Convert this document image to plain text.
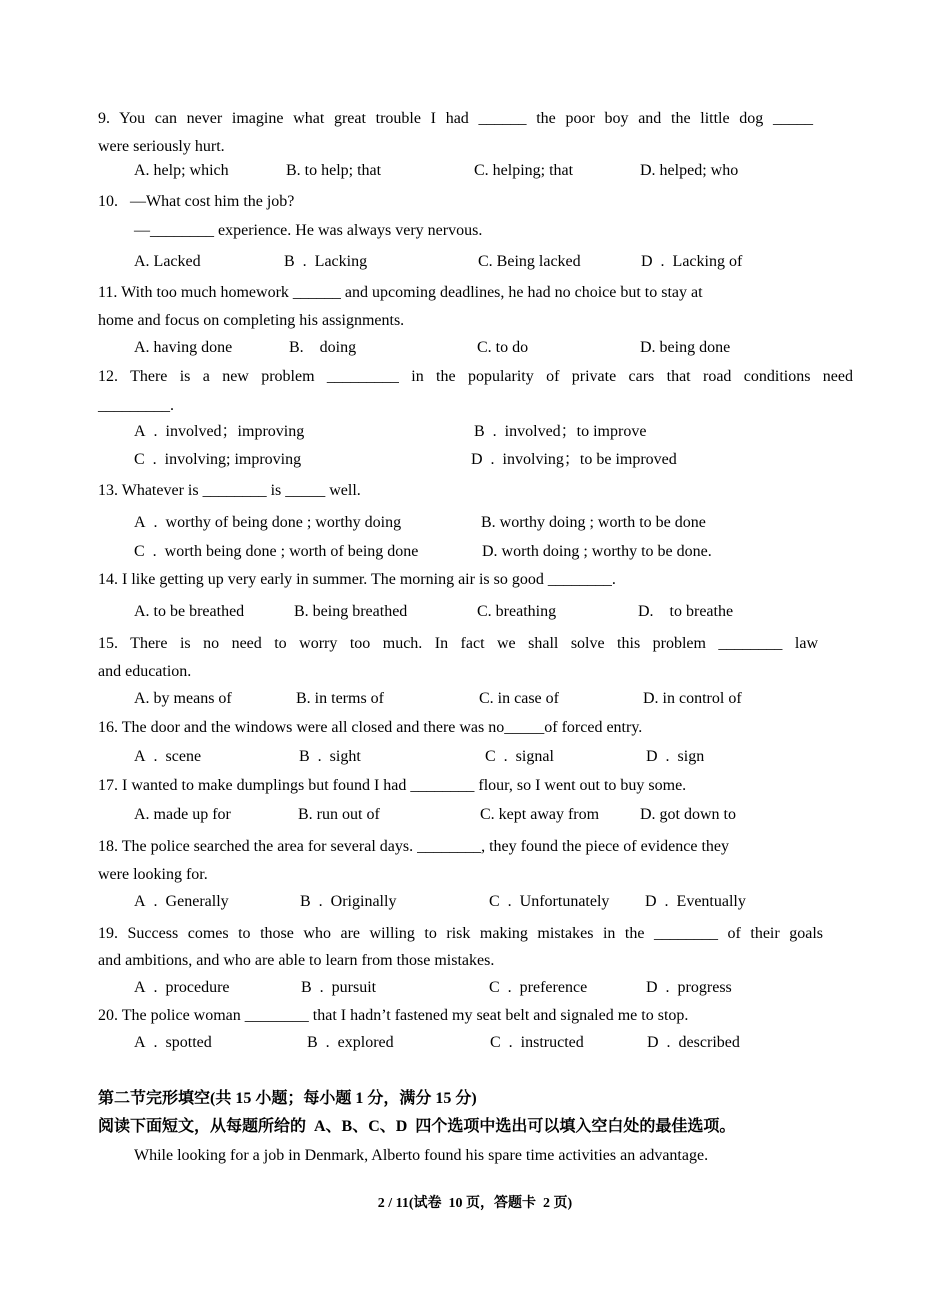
9. You can never imagine what great trouble I had ______ the poor boy and the little dog _____
were seriously hurt.
A. help; which	B. to help; that	C. helping; that	D. helped; who
10.   —What cost him the job?
—________ experience. He was always very nervous.
A. Lacked	B . Lacking	C. Being lacked	D . Lacking of
11. With too much homework ______ and upcoming deadlines, he had no choice but to stay at
home and focus on completing his assignments.
A. having done	B. doing	C. to do	D. being done
12. There is a new problem _________ in the popularity of private cars that road conditions need
_________.
A . involved；improving	B . involved；to improve
C . involving; improving	D . involving；to be improved
13. Whatever is ________ is _____ well.
A . worthy of being done ; worthy doing	B. worthy doing ; worth to be done
C . worth being done ; worth of being done	D. worth doing ; worthy to be done.
14. I like getting up very early in summer. The morning air is so good ________.
A. to be breathed	B. being breathed	C. breathing	D. to breathe
15. There is no need to worry too much. In fact we shall solve this problem ________ law
and education.
A. by means of	B. in terms of	C. in case of	D. in control of
16. The door and the windows were all closed and there was no_____of forced entry.
A . scene	B . sight	C . signal	D . sign
17. I wanted to make dumplings but found I had ________ flour, so I went out to buy some.
A. made up for	B. run out of	C. kept away from	D. got down to
18. The police searched the area for several days. ________, they found the piece of evidence they
were looking for.
A . Generally	B . Originally	C . Unfortunately D . Eventually
19. Success comes to those who are willing to risk making mistakes in the ________ of their goals
and ambitions, and who are able to learn from those mistakes.
A . procedure	B . pursuit	C . preference	D . progress
20. The police woman ________ that I hadn’t fastened my seat belt and signaled me to stop.
A . spotted	B . explored	C . instructed	D . described
第二节完形填空(共 15 小题；每小题 1 分，满分 15 分)
阅读下面短文，从每题所给的  A、B、C、D  四个选项中选出可以填入空白处的最佳选项。
While looking for a job in Denmark, Alberto found his spare time activities an advantage.
2 / 11(试卷  10 页，答题卡  2 页)
